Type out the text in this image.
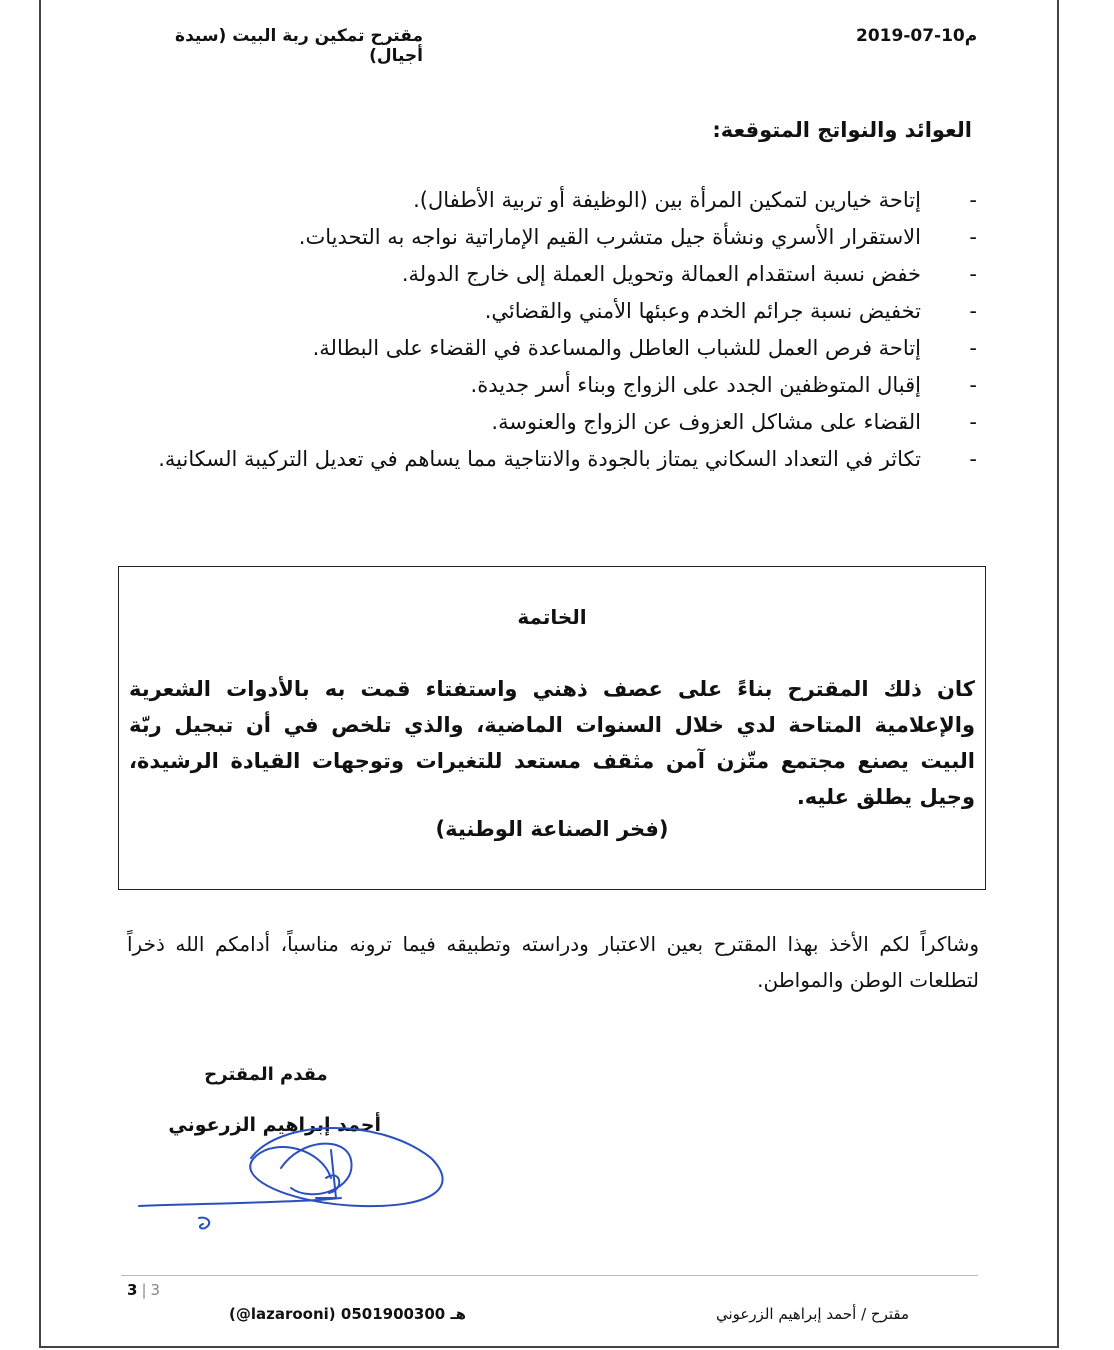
2019-07-10م
مقترح تمكين ربة البيت (سيدة أجيال)
العوائد والنواتج المتوقعة:
- إتاحة خيارين لتمكين المرأة بين (الوظيفة أو تربية الأطفال).
- الاستقرار الأسري ونشأة جيل متشرب القيم الإماراتية نواجه به التحديات.
- خفض نسبة استقدام العمالة وتحويل العملة إلى خارج الدولة.
- تخفيض نسبة جرائم الخدم وعبئها الأمني والقضائي.
- إتاحة فرص العمل للشباب العاطل والمساعدة في القضاء على البطالة.
- إقبال المتوظفين الجدد على الزواج وبناء أسر جديدة.
- القضاء على مشاكل العزوف عن الزواج والعنوسة.
- تكاثر في التعداد السكاني يمتاز بالجودة والانتاجية مما يساهم في تعديل التركيبة السكانية.
الخاتمة
كان ذلك المقترح بناءً على عصف ذهني واستفتاء قمت به بالأدوات الشعرية والإعلامية المتاحة لدي خلال السنوات الماضية، والذي تلخص في أن تبجيل ربّة البيت يصنع مجتمع متّزن آمن مثقف مستعد للتغيرات وتوجهات القيادة الرشيدة، وجيل يطلق عليه.
(فخر الصناعة الوطنية)
وشاكراً لكم الأخذ بهذا المقترح بعين الاعتبار ودراسته وتطبيقه فيما ترونه مناسباً، أدامكم الله ذخراً لتطلعات الوطن والمواطن.
مقدم المقترح
أحمد إبراهيم الزرعوني
3 | 3
(@lazarooni) 0501900300 هـ	مقترح / أحمد إبراهيم الزرعوني
